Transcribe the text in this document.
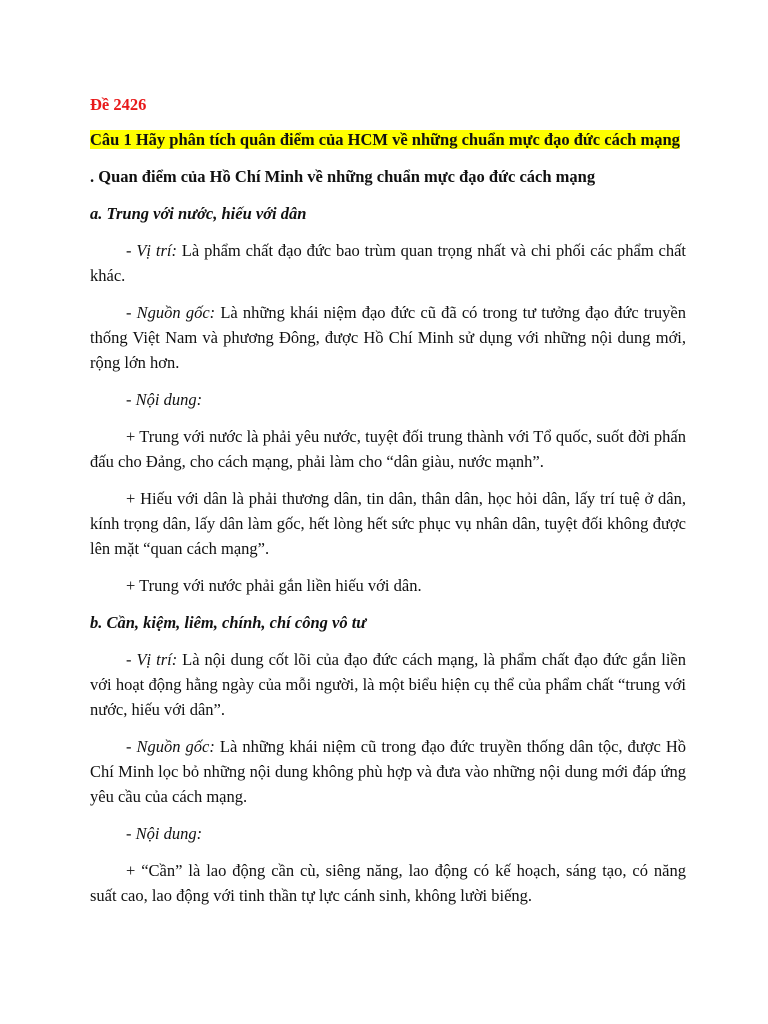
Đề 2426

Câu 1 Hãy phân tích quân điểm của HCM về những chuẩn mực đạo đức cách mạng

. Quan điểm của Hồ Chí Minh về những chuẩn mực đạo đức cách mạng

a. Trung với nước, hiếu với dân

- Vị trí: Là phẩm chất đạo đức bao trùm quan trọng nhất và chi phối các phẩm chất khác.

- Nguồn gốc: Là những khái niệm đạo đức cũ đã có trong tư tưởng đạo đức truyền thống Việt Nam và phương Đông, được Hồ Chí Minh sử dụng với những nội dung mới, rộng lớn hơn.

- Nội dung:

+ Trung với nước là phải yêu nước, tuyệt đối trung thành với Tổ quốc, suốt đời phấn đấu cho Đảng, cho cách mạng, phải làm cho “dân giàu, nước mạnh”.

+ Hiếu với dân là phải thương dân, tin dân, thân dân, học hỏi dân, lấy trí tuệ ở dân, kính trọng dân, lấy dân làm gốc, hết lòng hết sức phục vụ nhân dân, tuyệt đối không được lên mặt “quan cách mạng”.

+ Trung với nước phải gắn liền hiếu với dân.

b. Cần, kiệm, liêm, chính, chí công vô tư

- Vị trí: Là nội dung cốt lõi của đạo đức cách mạng, là phẩm chất đạo đức gắn liền với hoạt động hằng ngày của mỗi người, là một biểu hiện cụ thể của phẩm chất “trung với nước, hiếu với dân”.

- Nguồn gốc: Là những khái niệm cũ trong đạo đức truyền thống dân tộc, được Hồ Chí Minh lọc bỏ những nội dung không phù hợp và đưa vào những nội dung mới đáp ứng yêu cầu của cách mạng.

- Nội dung:

+ “Cần” là lao động cần cù, siêng năng, lao động có kế hoạch, sáng tạo, có năng suất cao, lao động với tinh thần tự lực cánh sinh, không lười biếng.
